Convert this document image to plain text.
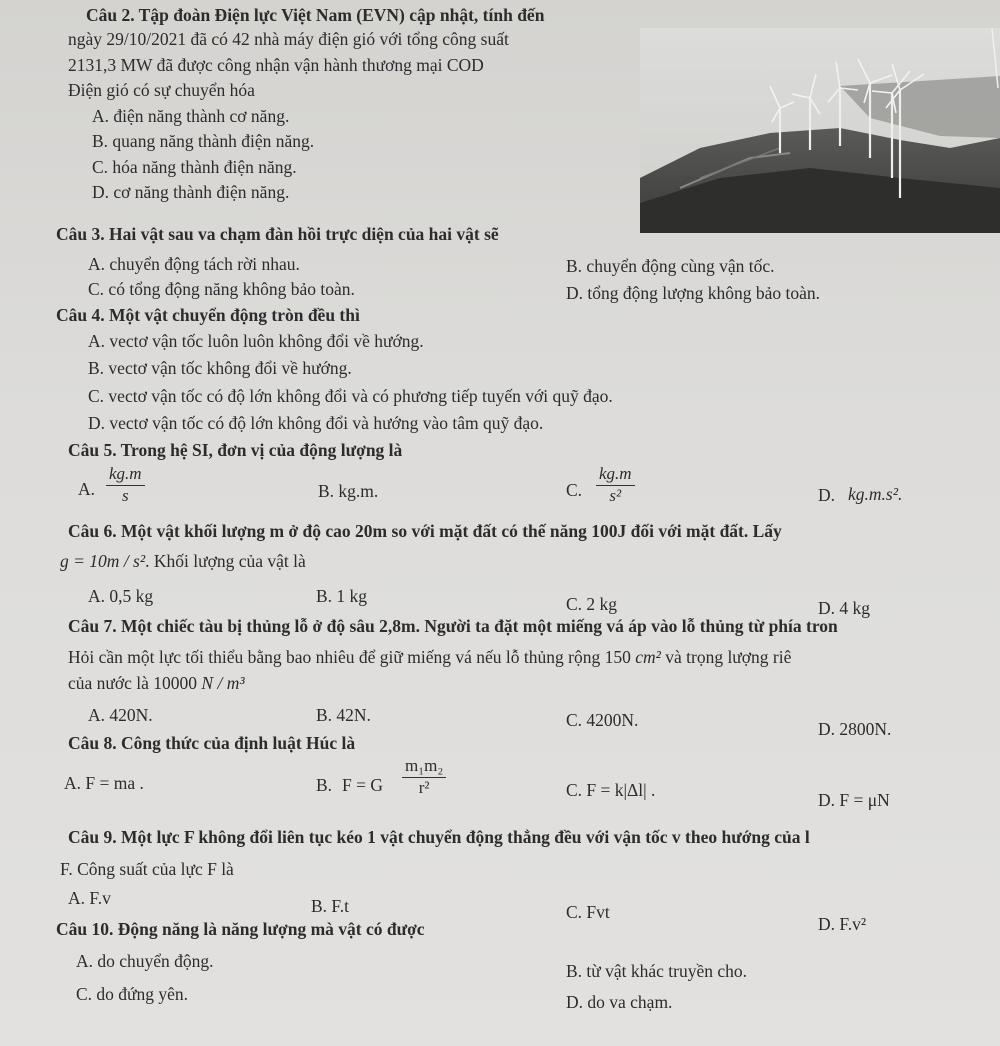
Câu 2. Tập đoàn Điện lực Việt Nam (EVN) cập nhật, tính đến
ngày 29/10/2021 đã có 42 nhà máy điện gió với tổng công suất
2131,3 MW đã được công nhận vận hành thương mại COD
Điện gió có sự chuyển hóa
A. điện năng thành cơ năng.
B. quang năng thành điện năng.
C. hóa năng thành điện năng.
D. cơ năng thành điện năng.
Câu 3. Hai vật sau va chạm đàn hồi trực diện của hai vật sẽ
A. chuyển động tách rời nhau.	B. chuyển động cùng vận tốc.
C. có tổng động năng không bảo toàn.	D. tổng động lượng không bảo toàn.
Câu 4. Một vật chuyển động tròn đều thì
A. vectơ vận tốc luôn luôn không đổi về hướng.
B. vectơ vận tốc không đổi về hướng.
C. vectơ vận tốc có độ lớn không đổi và có phương tiếp tuyến với quỹ đạo.
D. vectơ vận tốc có độ lớn không đổi và hướng vào tâm quỹ đạo.
Câu 5. Trong hệ SI, đơn vị của động lượng là
A. $\frac{kg.m}{s}$	B. kg.m.	C. $\frac{kg.m}{\text{s²}}$	D. kg.m.s².
Câu 6. Một vật khối lượng m ở độ cao 20m so với mặt đất có thế năng 100J đối với mặt đất. Lấy
g = 10m / s². Khối lượng của vật là
A. 0,5 kg	B. 1 kg	C. 2 kg	D. 4 kg
Câu 7. Một chiếc tàu bị thủng lỗ ở độ sâu 2,8m. Người ta đặt một miếng vá áp vào lỗ thủng từ phía tron
Hỏi cần một lực tối thiểu bằng bao nhiêu để giữ miếng vá nếu lỗ thủng rộng 150 cm² và trọng lượng riê
của nước là 10000 N / m³
A. 420N.	B. 42N.	C. 4200N.	D. 2800N.
Câu 8. Công thức của định luật Húc là
A. F = ma .	B. F = G $\frac{\text{m₁m₂}}{\text{r²}}$	C. F = k|Δl| .	D. F = μN
Câu 9. Một lực F không đổi liên tục kéo 1 vật chuyển động thẳng đều với vận tốc v theo hướng của l
F. Công suất của lực F là
A. F.v	B. F.t	C. Fvt
D. F.v²
Câu 10. Động năng là năng lượng mà vật có được
A. do chuyển động.	B. từ vật khác truyền cho.
C. do đứng yên.	D. do va chạm.
